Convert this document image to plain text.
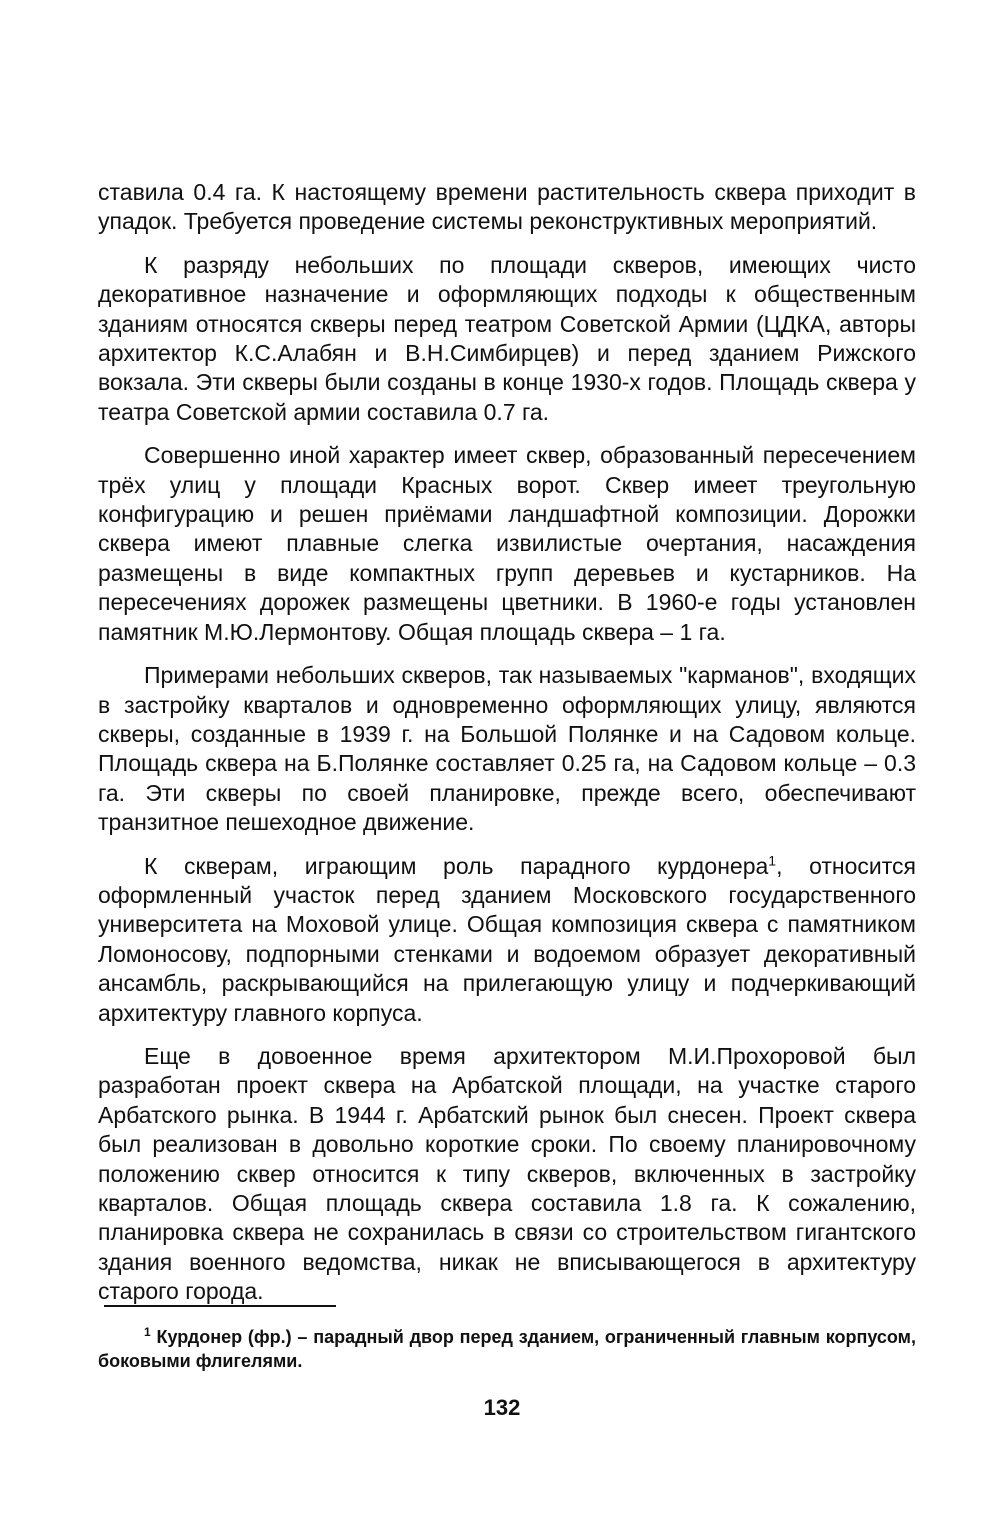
ставила 0.4 га. К настоящему времени растительность сквера приходит в упадок. Требуется проведение системы реконструктивных мероприятий.

К разряду небольших по площади скверов, имеющих чисто декоративное назначение и оформляющих подходы к общественным зданиям относятся скверы перед театром Советской Армии (ЦДКА, авторы архитектор К.С.Алабян и В.Н.Симбирцев) и перед зданием Рижского вокзала. Эти скверы были созданы в конце 1930-х годов. Площадь сквера у театра Советской армии составила 0.7 га.

Совершенно иной характер имеет сквер, образованный пересечением трёх улиц у площади Красных ворот. Сквер имеет треугольную конфигурацию и решен приёмами ландшафтной композиции. Дорожки сквера имеют плавные слегка извилистые очертания, насаждения размещены в виде компактных групп деревьев и кустарников. На пересечениях дорожек размещены цветники. В 1960-е годы установлен памятник М.Ю.Лермонтову. Общая площадь сквера – 1 га.

Примерами небольших скверов, так называемых "карманов", входящих в застройку кварталов и одновременно оформляющих улицу, являются скверы, созданные в 1939 г. на Большой Полянке и на Садовом кольце. Площадь сквера на Б.Полянке составляет 0.25 га, на Садовом кольце – 0.3 га. Эти скверы по своей планировке, прежде всего, обеспечивают транзитное пешеходное движение.

К скверам, играющим роль парадного курдонера$^1$, относится оформленный участок перед зданием Московского государственного университета на Моховой улице. Общая композиция сквера с памятником Ломоносову, подпорными стенками и водоемом образует декоративный ансамбль, раскрывающийся на прилегающую улицу и подчеркивающий архитектуру главного корпуса.

Еще в довоенное время архитектором М.И.Прохоровой был разработан проект сквера на Арбатской площади, на участке старого Арбатского рынка. В 1944 г. Арбатский рынок был снесен. Проект сквера был реализован в довольно короткие сроки. По своему планировочному положению сквер относится к типу скверов, включенных в застройку кварталов. Общая площадь сквера составила 1.8 га. К сожалению, планировка сквера не сохранилась в связи со строительством гигантского здания военного ведомства, никак не вписывающегося в архитектуру старого города.

$^1$ Курдонер (фр.) – парадный двор перед зданием, ограниченный главным корпусом, боковыми флигелями.
132
